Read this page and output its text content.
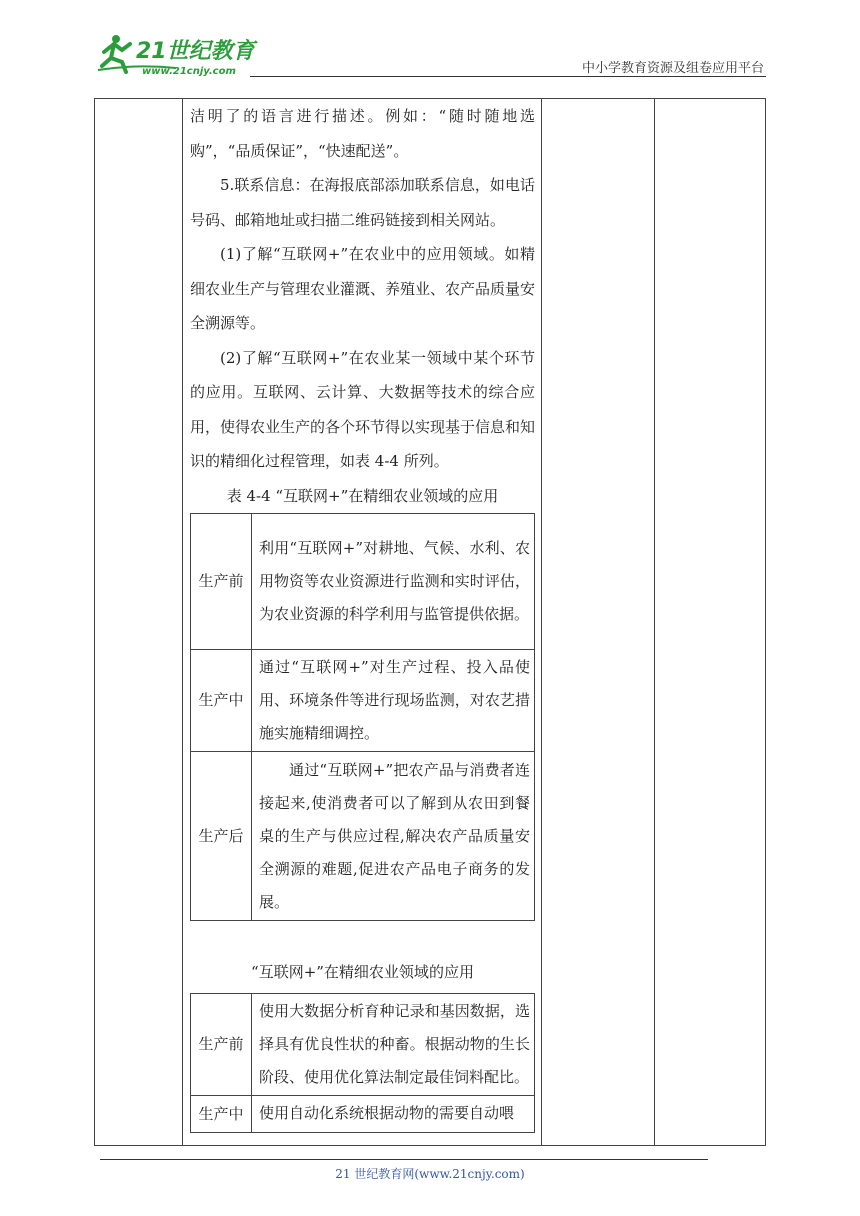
21世纪教育
www.21cnjy.com	中小学教育资源及组卷应用平台

洁明了的语言进行描述。例如：“随时随地选购”，“品质保证”，“快速配送”。

5.联系信息：在海报底部添加联系信息，如电话号码、邮箱地址或扫描二维码链接到相关网站。

(1)了解“互联网+”在农业中的应用领域。如精细农业生产与管理农业灌溉、养殖业、农产品质量安全溯源等。

(2)了解“互联网+”在农业某一领域中某个环节的应用。互联网、云计算、大数据等技术的综合应用，使得农业生产的各个环节得以实现基于信息和知识的精细化过程管理，如表 4-4 所列。

表 4-4 “互联网+”在精细农业领域的应用
生产前	利用“互联网+”对耕地、气候、水利、农用物资等农业资源进行监测和实时评估，为农业资源的科学利用与监管提供依据。
生产中	通过“互联网+”对生产过程、投入品使用、环境条件等进行现场监测，对农艺措施实施精细调控。
生产后	通过“互联网+”把农产品与消费者连接起来,使消费者可以了解到从农田到餐桌的生产与供应过程,解决农产品质量安全溯源的难题,促进农产品电子商务的发展。
“互联网+”在精细农业领域的应用
生产前	使用大数据分析育种记录和基因数据，选择具有优良性状的种畜。根据动物的生长阶段、使用优化算法制定最佳饲料配比。
生产中	使用自动化系统根据动物的需要自动喂
21 世纪教育网(www.21cnjy.com)
